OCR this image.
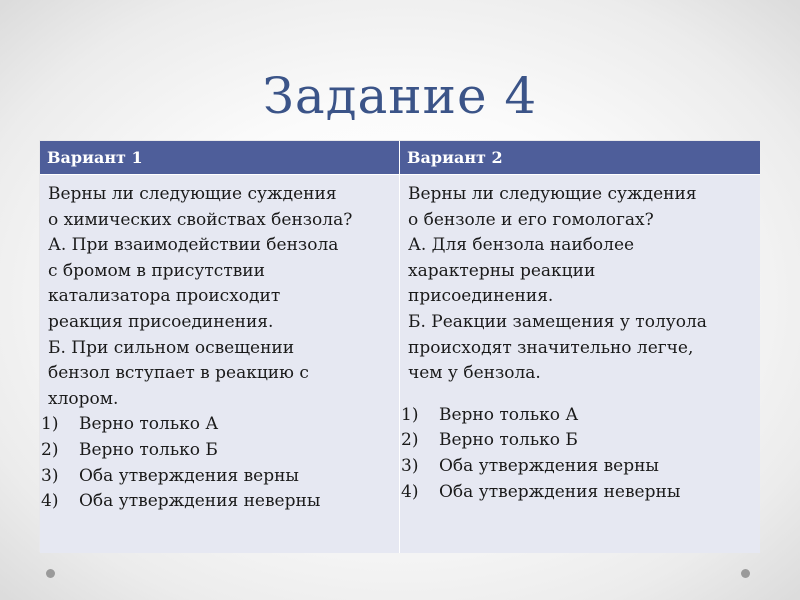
Задание 4
Вариант 1	Вариант 2

Верны ли следующие суждения
о химических свойствах бензола?
А. При взаимодействии бензола
с бромом в присутствии
катализатора происходит
реакция присоединения.
Б. При сильном освещении
бензол вступает в реакцию с
хлором.

1) Верно только А
2) Верно только Б
3) Оба утверждения верны
4) Оба утверждения неверны

Верны ли следующие суждения
о бензоле и его гомологах?
А. Для бензола наиболее
характерны реакции
присоединения.
Б. Реакции замещения у толуола
происходят значительно легче,
чем у бензола.

1) Верно только А
2) Верно только Б
3) Оба утверждения верны
4) Оба утверждения неверны
